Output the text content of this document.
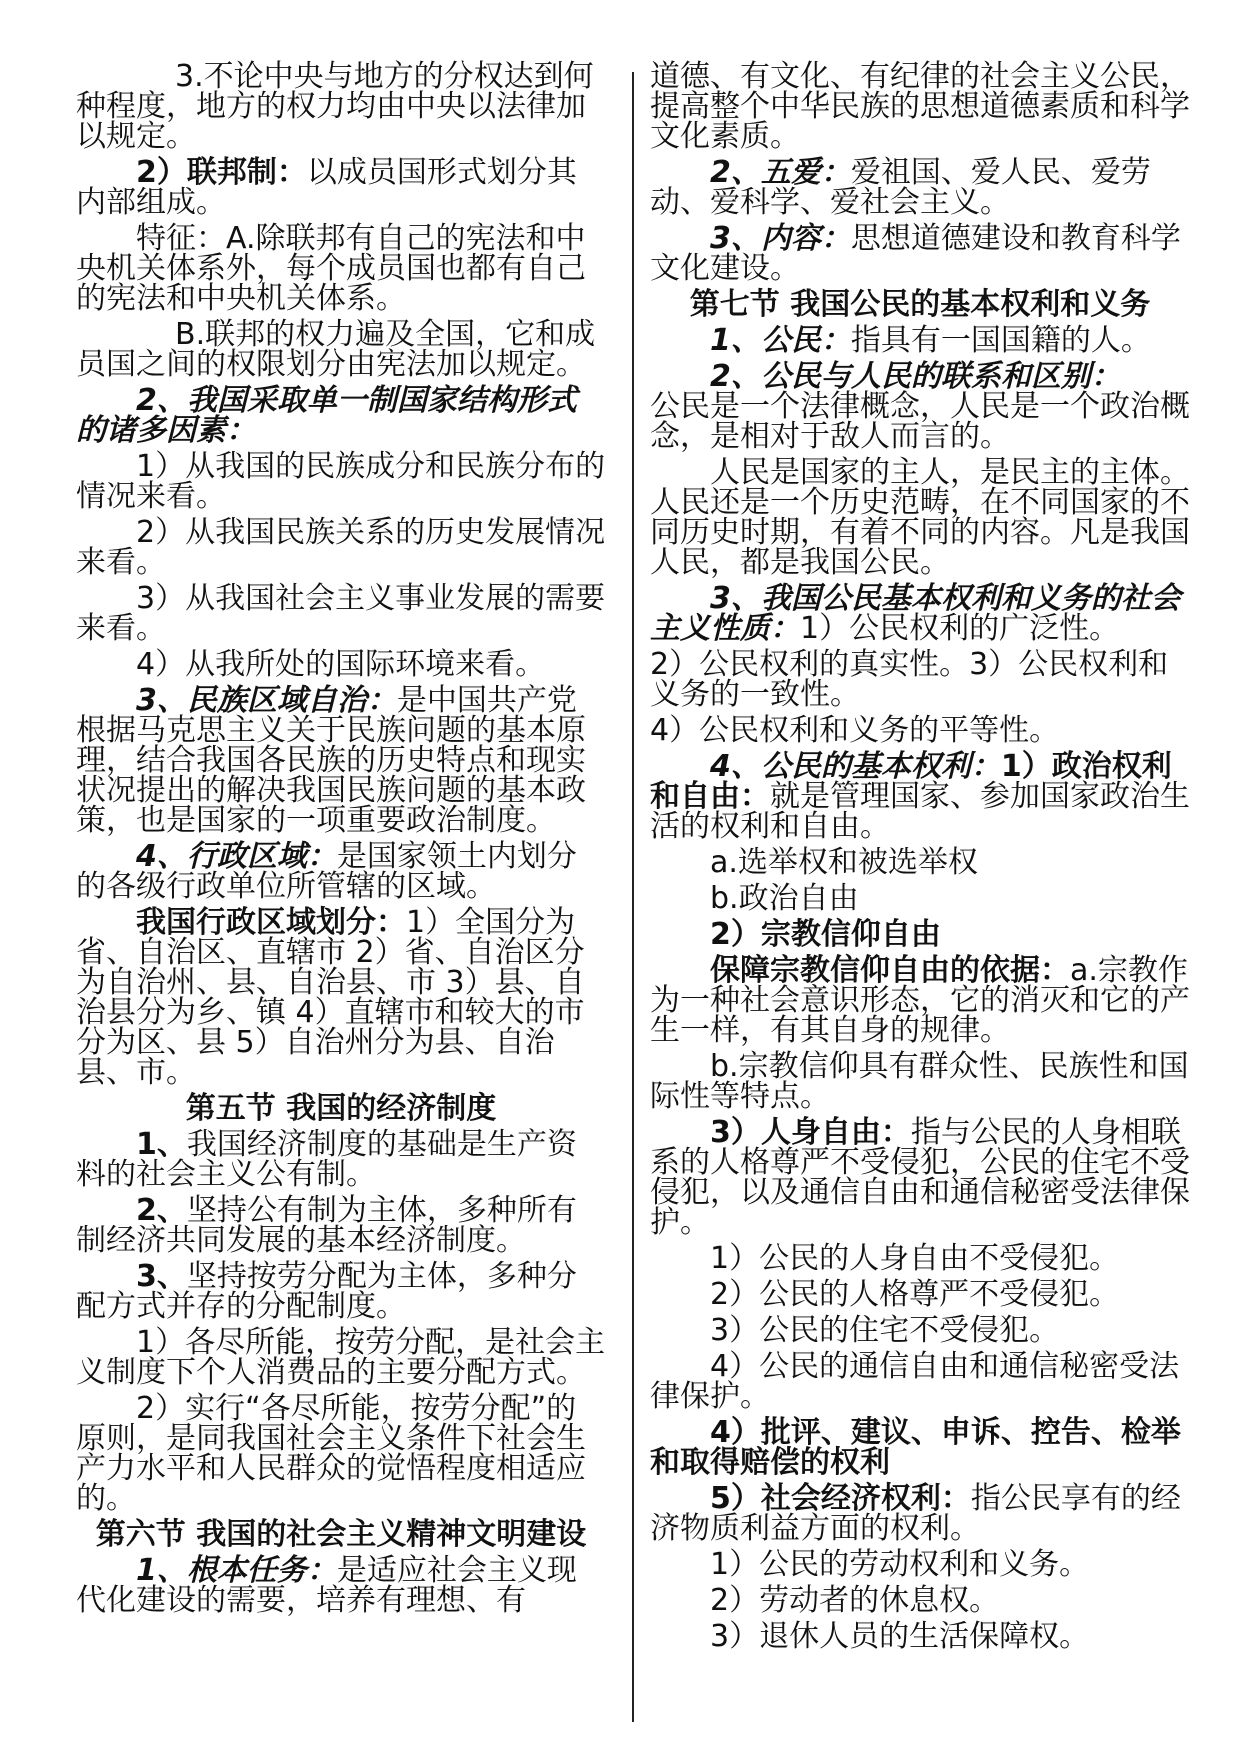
3.不论中央与地方的分权达到何种程度，地方的权力均由中央以法律加以规定。

2）联邦制：以成员国形式划分其内部组成。

特征：A.除联邦有自己的宪法和中央机关体系外，每个成员国也都有自己的宪法和中央机关体系。

B.联邦的权力遍及全国，它和成员国之间的权限划分由宪法加以规定。

2、我国采取单一制国家结构形式的诸多因素：

1）从我国的民族成分和民族分布的情况来看。

2）从我国民族关系的历史发展情况来看。

3）从我国社会主义事业发展的需要来看。

4）从我所处的国际环境来看。

3、民族区域自治：是中国共产党根据马克思主义关于民族问题的基本原理，结合我国各民族的历史特点和现实状况提出的解决我国民族问题的基本政策，也是国家的一项重要政治制度。

4、行政区域：是国家领土内划分的各级行政单位所管辖的区域。

我国行政区域划分：1）全国分为省、自治区、直辖市 2）省、自治区分为自治州、县、自治县、市 3）县、自治县分为乡、镇 4）直辖市和较大的市分为区、县 5）自治州分为县、自治县、市。

第五节 我国的经济制度

1、我国经济制度的基础是生产资料的社会主义公有制。

2、坚持公有制为主体，多种所有制经济共同发展的基本经济制度。

3、坚持按劳分配为主体，多种分配方式并存的分配制度。

1）各尽所能，按劳分配，是社会主义制度下个人消费品的主要分配方式。

2）实行“各尽所能，按劳分配”的原则，是同我国社会主义条件下社会生产力水平和人民群众的觉悟程度相适应的。

第六节 我国的社会主义精神文明建设

1、根本任务：是适应社会主义现代化建设的需要，培养有理想、有

道德、有文化、有纪律的社会主义公民，提高整个中华民族的思想道德素质和科学文化素质。

2、五爱：爱祖国、爱人民、爱劳动、爱科学、爱社会主义。

3、内容：思想道德建设和教育科学文化建设。

第七节 我国公民的基本权利和义务

1、公民：指具有一国国籍的人。

2、公民与人民的联系和区别：

公民是一个法律概念，人民是一个政治概念，是相对于敌人而言的。

人民是国家的主人，是民主的主体。人民还是一个历史范畴，在不同国家的不同历史时期，有着不同的内容。凡是我国人民，都是我国公民。

3、我国公民基本权利和义务的社会主义性质：1）公民权利的广泛性。

2）公民权利的真实性。3）公民权利和义务的一致性。

4）公民权利和义务的平等性。

4、公民的基本权利：1）政治权利和自由：就是管理国家、参加国家政治生活的权利和自由。

a.选举权和被选举权

b.政治自由

2）宗教信仰自由

保障宗教信仰自由的依据：a.宗教作为一种社会意识形态，它的消灭和它的产生一样，有其自身的规律。

b.宗教信仰具有群众性、民族性和国际性等特点。

3）人身自由：指与公民的人身相联系的人格尊严不受侵犯，公民的住宅不受侵犯，以及通信自由和通信秘密受法律保护。

1）公民的人身自由不受侵犯。

2）公民的人格尊严不受侵犯。

3）公民的住宅不受侵犯。

4）公民的通信自由和通信秘密受法律保护。

4）批评、建议、申诉、控告、检举和取得赔偿的权利

5）社会经济权利：指公民享有的经济物质利益方面的权利。

1）公民的劳动权利和义务。

2）劳动者的休息权。

3）退休人员的生活保障权。
